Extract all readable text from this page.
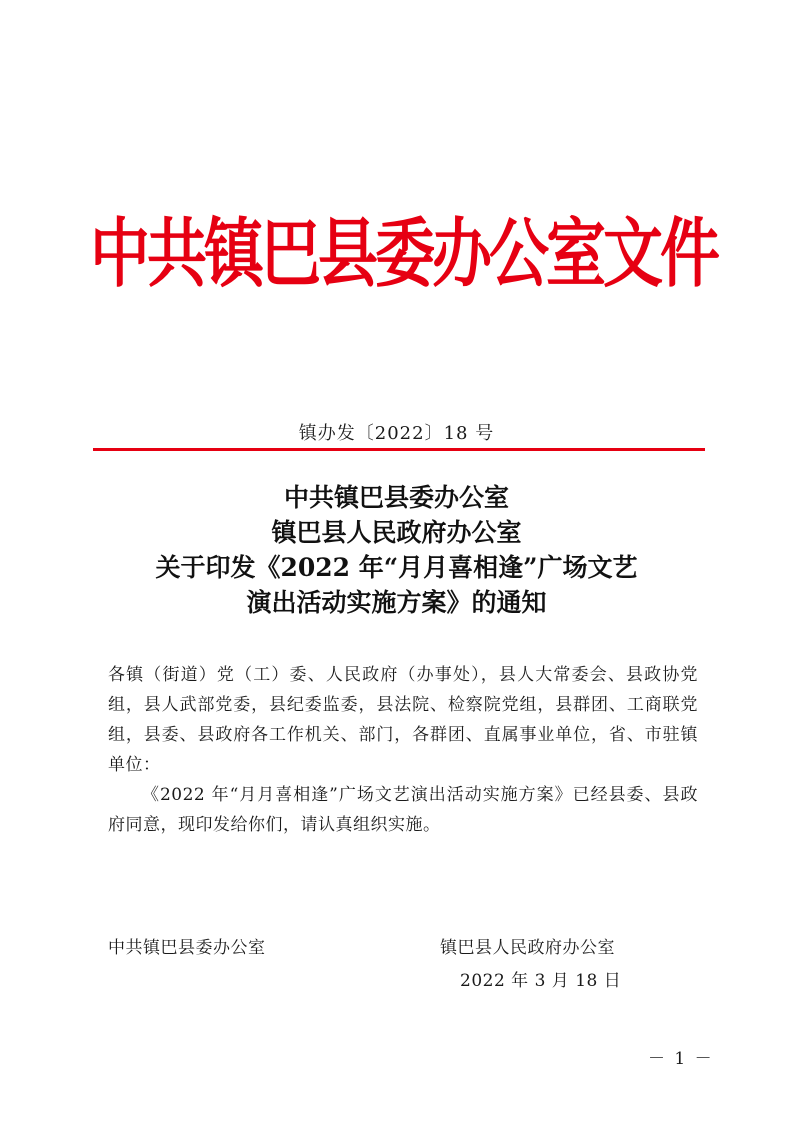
中共镇巴县委办公室文件
镇办发〔2022〕18 号
中共镇巴县委办公室
镇巴县人民政府办公室
关于印发《2022 年“月月喜相逢”广场文艺
演出活动实施方案》的通知

各镇（街道）党（工）委、人民政府（办事处），县人大常委会、县政协党组，县人武部党委，县纪委监委，县法院、检察院党组，县群团、工商联党组，县委、县政府各工作机关、部门，各群团、直属事业单位，省、市驻镇单位：

《2022 年“月月喜相逢”广场文艺演出活动实施方案》已经县委、县政府同意，现印发给你们，请认真组织实施。

中共镇巴县委办公室	镇巴县人民政府办公室
2022 年 3 月 18 日
－ 1 －
